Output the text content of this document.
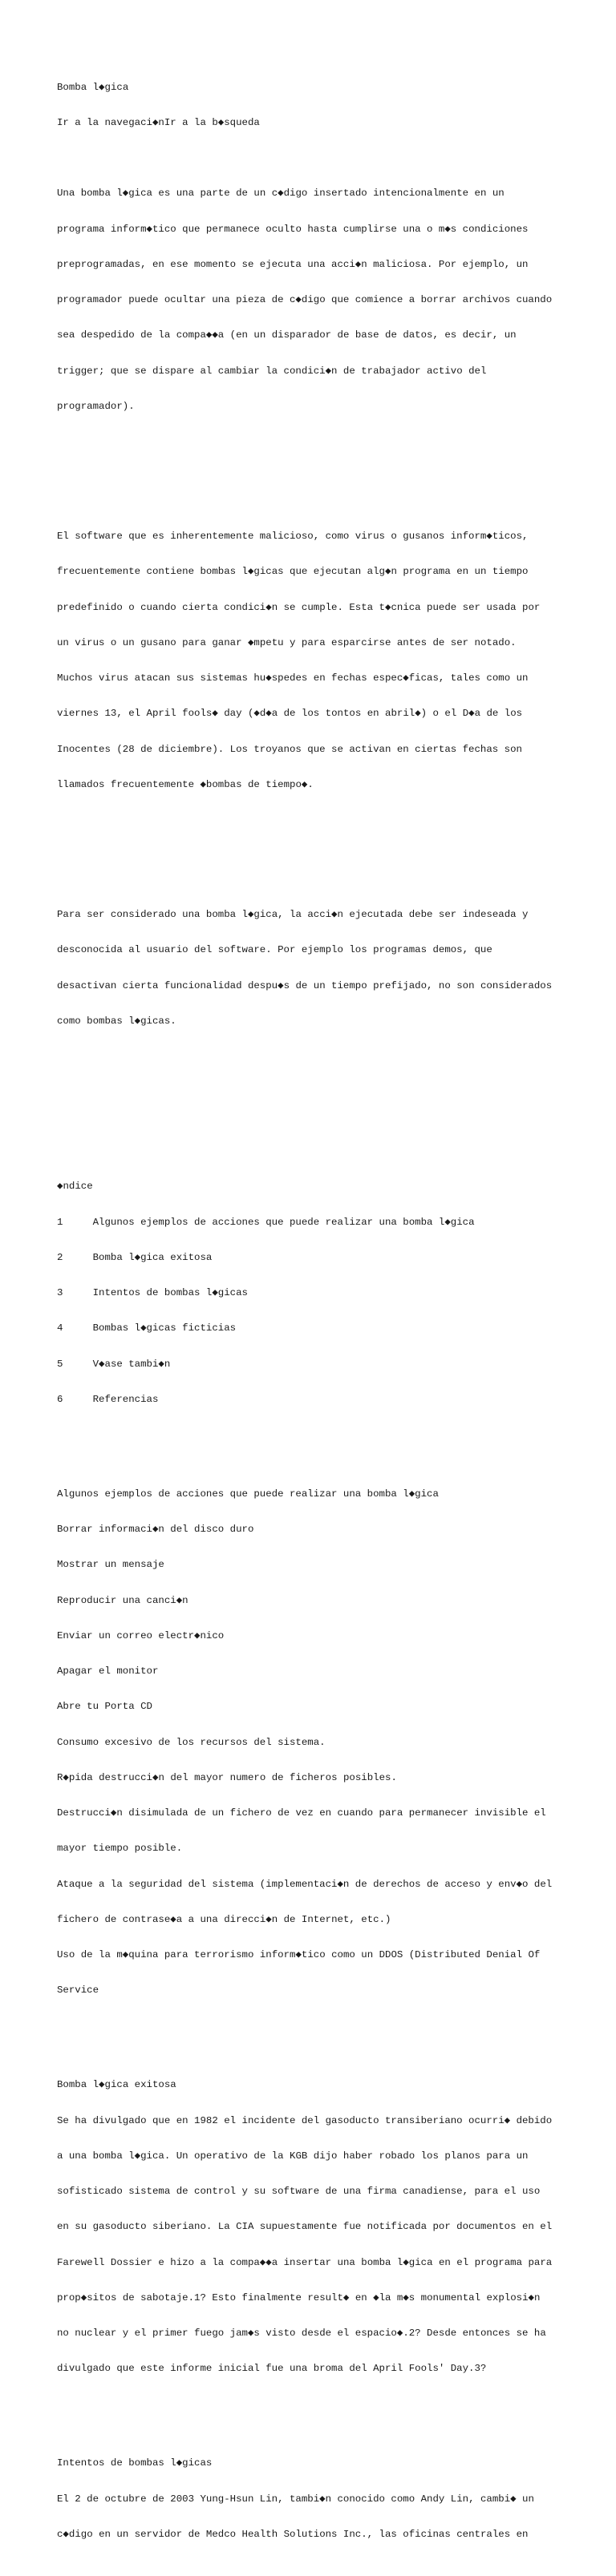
Bomba l◆gica

Ir a la navegaci◆nIr a la b◆squeda

Una bomba l◆gica es una parte de un c◆digo insertado intencionalmente en un

programa inform◆tico que permanece oculto hasta cumplirse una o m◆s condiciones

preprogramadas, en ese momento se ejecuta una acci◆n maliciosa. Por ejemplo, un

programador puede ocultar una pieza de c◆digo que comience a borrar archivos cuando

sea despedido de la compa◆◆a (en un disparador de base de datos, es decir, un

trigger; que se dispare al cambiar la condici◆n de trabajador activo del

programador).

El software que es inherentemente malicioso, como virus o gusanos inform◆ticos,

frecuentemente contiene bombas l◆gicas que ejecutan alg◆n programa en un tiempo

predefinido o cuando cierta condici◆n se cumple. Esta t◆cnica puede ser usada por

un virus o un gusano para ganar ◆mpetu y para esparcirse antes de ser notado.

Muchos virus atacan sus sistemas hu◆spedes en fechas espec◆ficas, tales como un

viernes 13, el April fools◆ day (◆d◆a de los tontos en abril◆) o el D◆a de los

Inocentes (28 de diciembre). Los troyanos que se activan en ciertas fechas son

llamados frecuentemente ◆bombas de tiempo◆.

Para ser considerado una bomba l◆gica, la acci◆n ejecutada debe ser indeseada y

desconocida al usuario del software. Por ejemplo los programas demos, que

desactivan cierta funcionalidad despu◆s de un tiempo prefijado, no son considerados

como bombas l◆gicas.

◆ndice

1     Algunos ejemplos de acciones que puede realizar una bomba l◆gica

2     Bomba l◆gica exitosa

3     Intentos de bombas l◆gicas

4     Bombas l◆gicas ficticias

5     V◆ase tambi◆n

6     Referencias

Algunos ejemplos de acciones que puede realizar una bomba l◆gica

Borrar informaci◆n del disco duro

Mostrar un mensaje

Reproducir una canci◆n

Enviar un correo electr◆nico

Apagar el monitor

Abre tu Porta CD

Consumo excesivo de los recursos del sistema.

R◆pida destrucci◆n del mayor numero de ficheros posibles.

Destrucci◆n disimulada de un fichero de vez en cuando para permanecer invisible el

mayor tiempo posible.

Ataque a la seguridad del sistema (implementaci◆n de derechos de acceso y env◆o del

fichero de contrase◆a a una direcci◆n de Internet, etc.)

Uso de la m◆quina para terrorismo inform◆tico como un DDOS (Distributed Denial Of

Service

Bomba l◆gica exitosa

Se ha divulgado que en 1982 el incidente del gasoducto transiberiano ocurri◆ debido

a una bomba l◆gica. Un operativo de la KGB dijo haber robado los planos para un

sofisticado sistema de control y su software de una firma canadiense, para el uso

en su gasoducto siberiano. La CIA supuestamente fue notificada por documentos en el

Farewell Dossier e hizo a la compa◆◆a insertar una bomba l◆gica en el programa para

prop◆sitos de sabotaje.1? Esto finalmente result◆ en ◆la m◆s monumental explosi◆n

no nuclear y el primer fuego jam◆s visto desde el espacio◆.2? Desde entonces se ha

divulgado que este informe inicial fue una broma del April Fools' Day.3?

Intentos de bombas l◆gicas

El 2 de octubre de 2003 Yung-Hsun Lin, tambi◆n conocido como Andy Lin, cambi◆ un

c◆digo en un servidor de Medco Health Solutions Inc., las oficinas centrales en
